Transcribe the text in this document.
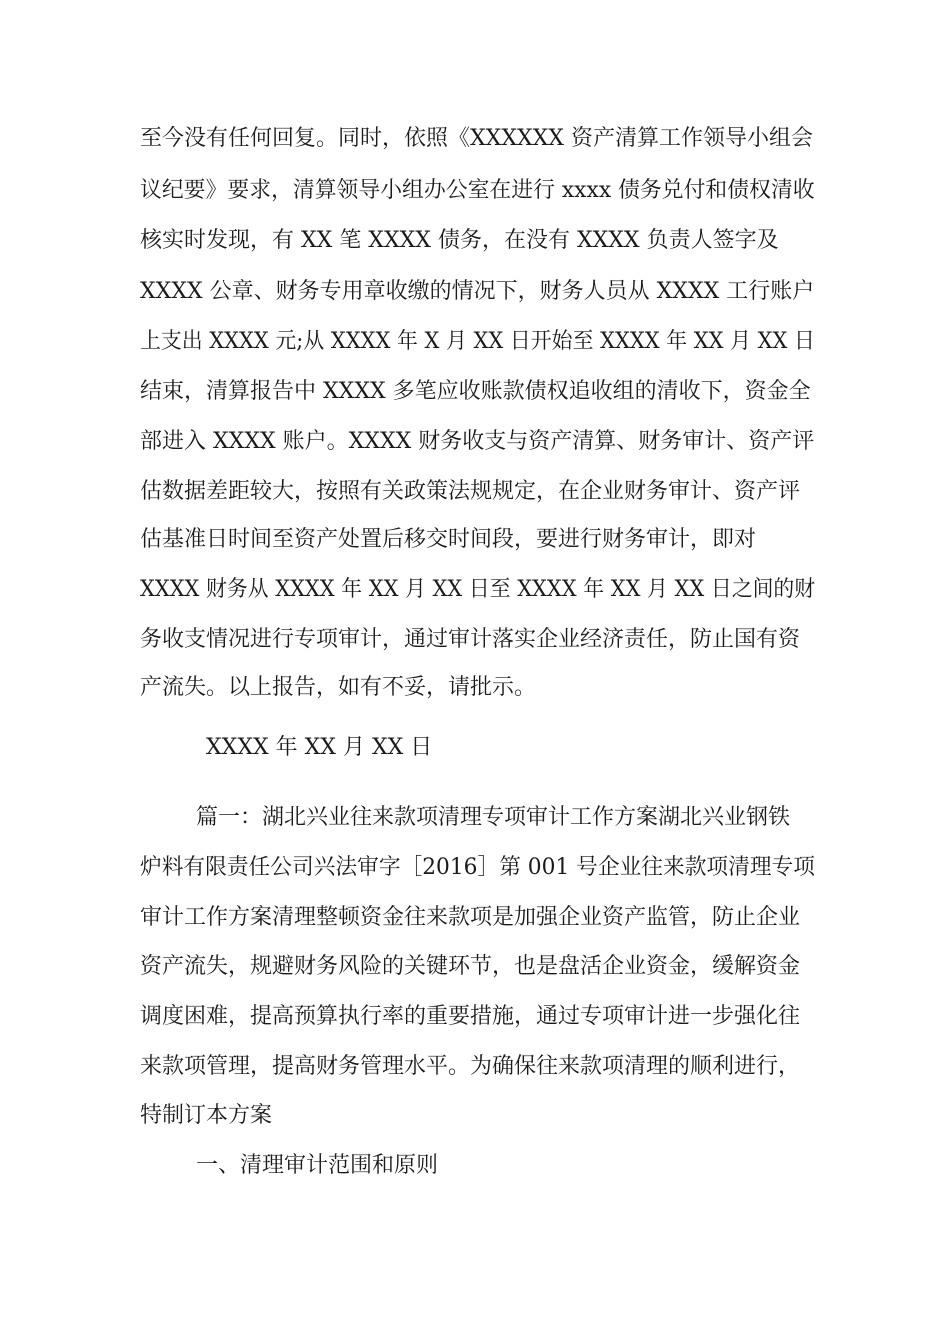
至今没有任何回复。同时，依照《XXXXXX 资产清算工作领导小组会

议纪要》要求，清算领导小组办公室在进行 xxxx 债务兑付和债权清收

核实时发现，有 XX 笔 XXXX 债务，在没有 XXXX 负责人签字及

XXXX 公章、财务专用章收缴的情况下，财务人员从 XXXX 工行账户

上支出 XXXX 元;从 XXXX 年 X 月 XX 日开始至 XXXX 年 XX 月 XX 日

结束，清算报告中 XXXX 多笔应收账款债权追收组的清收下，资金全

部进入 XXXX 账户。XXXX 财务收支与资产清算、财务审计、资产评

估数据差距较大，按照有关政策法规规定，在企业财务审计、资产评

估基准日时间至资产处置后移交时间段，要进行财务审计，即对

XXXX 财务从 XXXX 年 XX 月 XX 日至 XXXX 年 XX 月 XX 日之间的财

务收支情况进行专项审计，通过审计落实企业经济责任，防止国有资

产流失。以上报告，如有不妥，请批示。

XXXX 年 XX 月 XX 日

篇一：湖北兴业往来款项清理专项审计工作方案湖北兴业钢铁

炉料有限责任公司兴法审字［2016］第 001 号企业往来款项清理专项

审计工作方案清理整顿资金往来款项是加强企业资产监管，防止企业

资产流失，规避财务风险的关键环节，也是盘活企业资金，缓解资金

调度困难，提高预算执行率的重要措施，通过专项审计进一步强化往

来款项管理，提高财务管理水平。为确保往来款项清理的顺利进行，

特制订本方案

一、清理审计范围和原则
